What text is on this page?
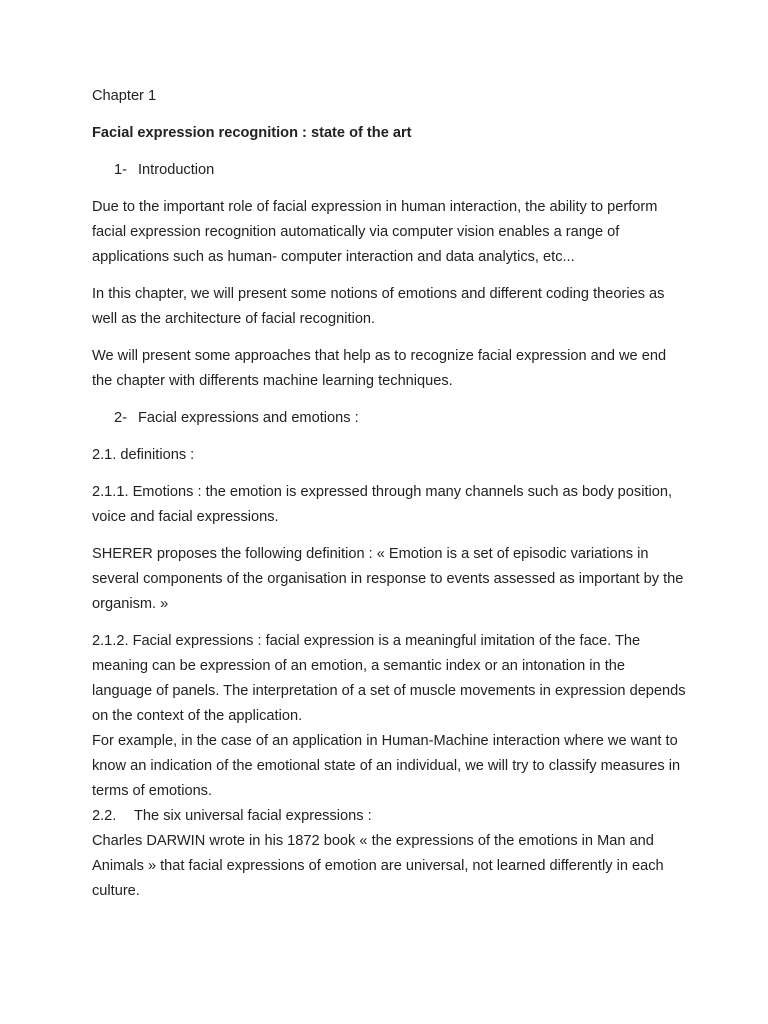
Chapter 1

Facial expression recognition : state of the art

1- Introduction

Due to the important role of facial expression in human interaction, the ability to perform facial expression recognition automatically via computer vision enables a range of applications such as human- computer interaction and data analytics, etc...

In this chapter, we will present some notions of emotions and different coding theories as well as the architecture of facial recognition.

We will present some approaches that help as to recognize facial expression and we end the chapter with differents machine learning techniques.

2- Facial expressions and emotions :

2.1. definitions :

2.1.1. Emotions : the emotion is expressed through many channels such as body position, voice and facial expressions.

SHERER proposes the following definition : « Emotion is a set of episodic variations in several components of the organisation in response to events assessed as important by the organism. »

2.1.2. Facial expressions : facial expression is a meaningful imitation of the face. The meaning can be expression of an emotion, a semantic index or an intonation in the language of panels. The interpretation of a set of muscle movements in expression depends on the context of the application.

For example, in the case of an application in Human-Machine interaction where we want to know an indication of the emotional state of an individual, we will try to classify measures in terms of emotions.

2.2. The six universal facial expressions :

Charles DARWIN wrote in his 1872 book « the expressions of the emotions in Man and Animals » that facial expressions of emotion are universal, not learned differently in each culture.
